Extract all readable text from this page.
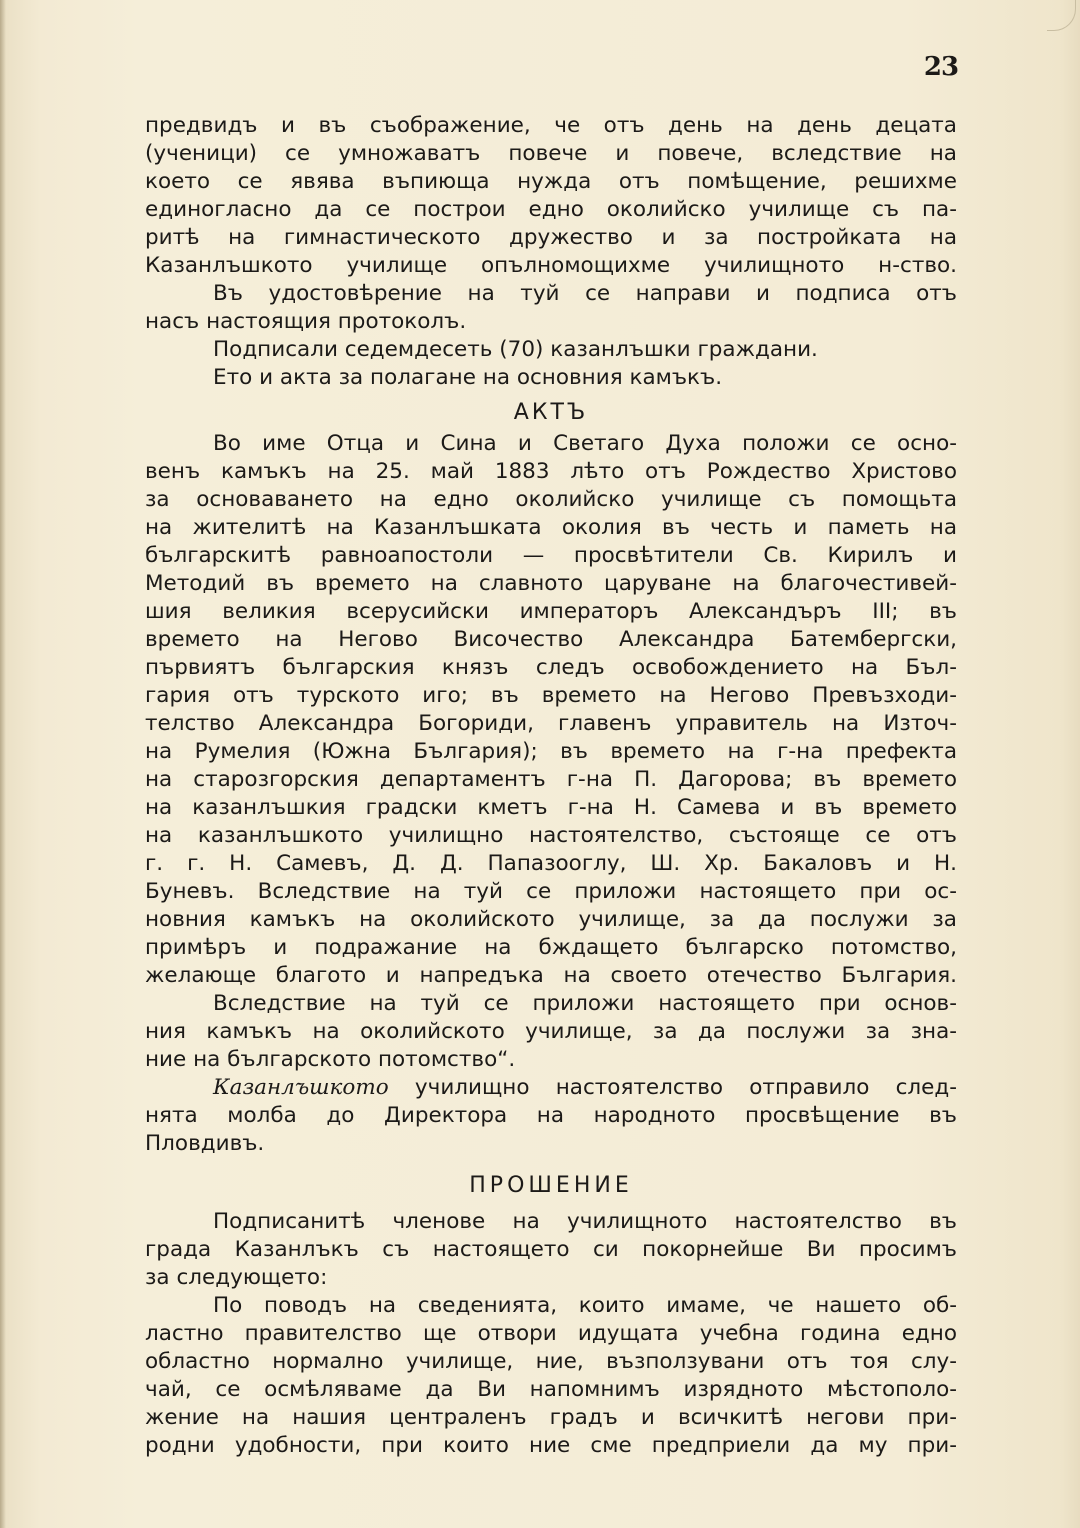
23
предвидъ и въ съображение, че отъ день на день децата
(ученици) се умножаватъ повече и повече, вследствие на
което се явява въпиюща нужда отъ помѣщение, решихме
единогласно да се построи едно околийско училище съ па-
ритѣ на гимнастическото дружество и за постройката на
Казанлъшкото училище опълномощихме училищното н-ство.
Въ удостовѣрение на туй се направи и подписа отъ
насъ настоящия протоколъ.
Подписали седемдесеть (70) казанлъшки граждани.
Ето и акта за полагане на основния камъкъ.
АКТЪ
Во име Отца и Сина и Светаго Духа положи се осно-
венъ камъкъ на 25. май 1883 лѣто отъ Рождество Христово
за основаването на едно околийско училище съ помощьта
на жителитѣ на Казанлъшката околия въ честь и паметь на
българскитѣ равноапостоли — просвѣтители Св. Кирилъ и
Методий въ времето на славното царуване на благочестивей-
шия великия всерусийски императоръ Александъръ III; въ
времето на Негово Височество Александра Батембергски,
първиятъ българския князъ следъ освобождението на Бъл-
гария отъ турското иго; въ времето на Негово Превъзходи-
телство Александра Богориди, главенъ управитель на Източ-
на Румелия (Южна България); въ времето на г-на префекта
на старозгорския департаментъ г-на П. Дагорова; въ времето
на казанлъшкия градски кметъ г-на Н. Самева и въ времето
на казанлъшкото училищно настоятелство, състояще се отъ
г. г. Н. Самевъ, Д. Д. Папазооглу, Ш. Хр. Бакаловъ и Н.
Буневъ. Вследствие на туй се приложи настоящето при ос-
новния камъкъ на околийското училище, за да послужи за
примѣръ и подражание на бждащето българско потомство,
желающе благото и напредъка на своето отечество България.
Вследствие на туй се приложи настоящето при основ-
ния камъкъ на околийското училище, за да послужи за зна-
ние на българското потомство“.
Казанлъшкото училищно настоятелство отправило след-
нята молба до Директора на народното просвѣщение въ
Пловдивъ.
ПРОШЕНИЕ
Подписанитѣ членове на училищното настоятелство въ
града Казанлъкъ съ настоящето си покорнейше Ви просимъ
за следующето:
По поводъ на сведенията, които имаме, че нашето об-
ластно правителство ще отвори идущата учебна година едно
областно нормално училище, ние, възползувани отъ тоя слу-
чай, се осмѣляваме да Ви напомнимъ изрядното мѣстополо-
жение на нашия централенъ градъ и всичкитѣ негови при-
родни удобности, при които ние сме предприели да му при-
